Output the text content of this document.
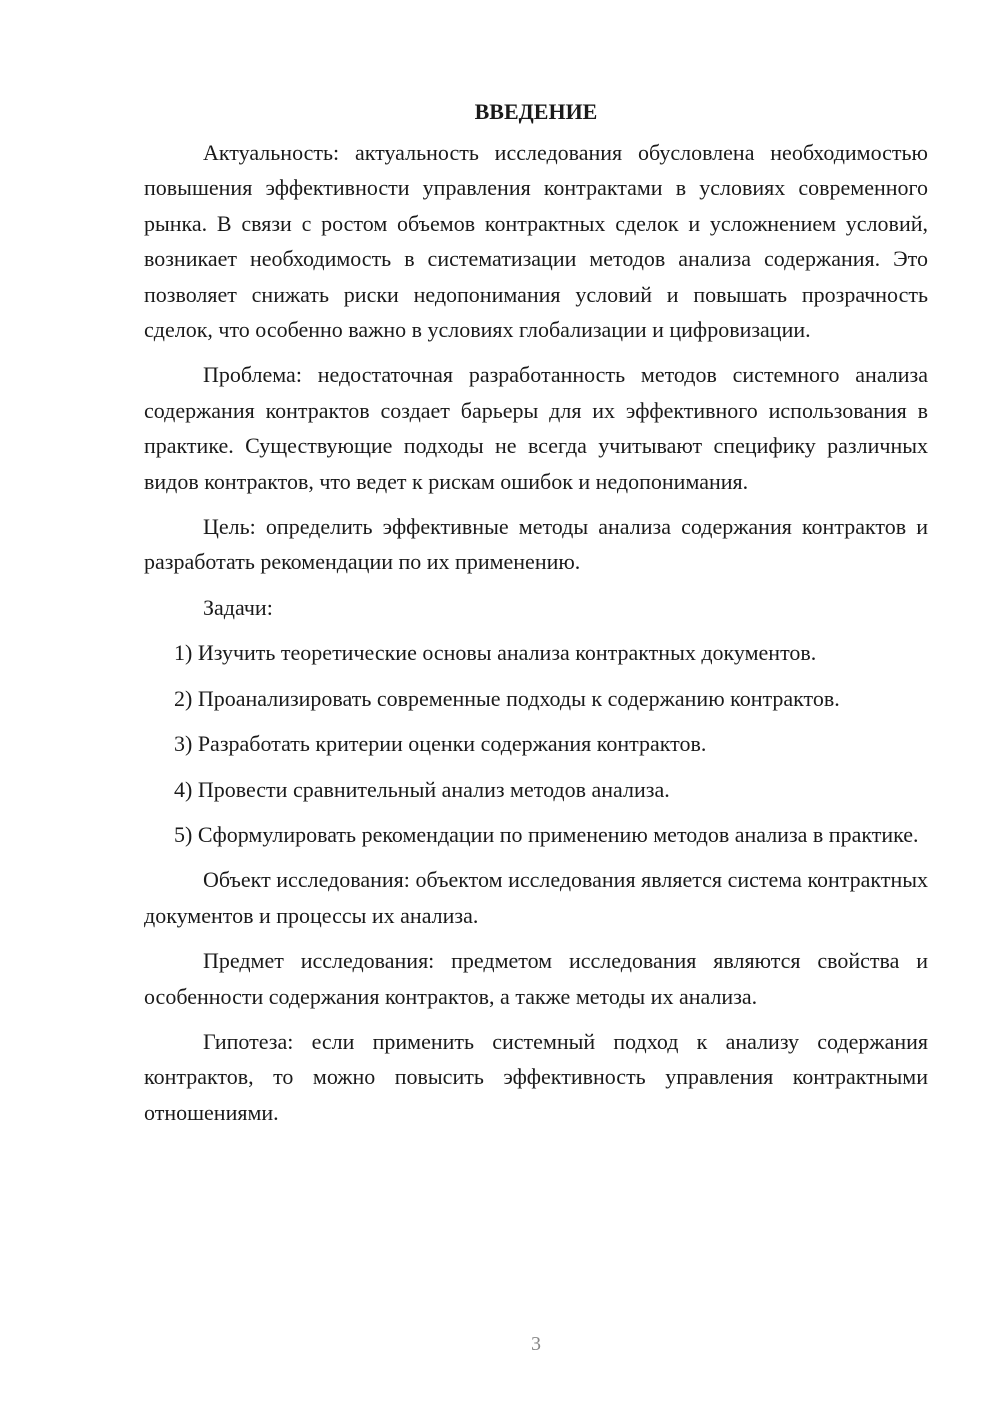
ВВЕДЕНИЕ

Актуальность: актуальность исследования обусловлена необходимостью повышения эффективности управления контрактами в условиях современного рынка. В связи с ростом объемов контрактных сделок и усложнением условий, возникает необходимость в систематизации методов анализа содержания. Это позволяет снижать риски недопонимания условий и повышать прозрачность сделок, что особенно важно в условиях глобализации и цифровизации.

Проблема: недостаточная разработанность методов системного анализа содержания контрактов создает барьеры для их эффективного использования в практике. Существующие подходы не всегда учитывают специфику различных видов контрактов, что ведет к рискам ошибок и недопонимания.

Цель: определить эффективные методы анализа содержания контрактов и разработать рекомендации по их применению.

Задачи:

1) Изучить теоретические основы анализа контрактных документов.

2) Проанализировать современные подходы к содержанию контрактов.

3) Разработать критерии оценки содержания контрактов.

4) Провести сравнительный анализ методов анализа.

5) Сформулировать рекомендации по применению методов анализа в практике.

Объект исследования: объектом исследования является система контрактных документов и процессы их анализа.

Предмет исследования: предметом исследования являются свойства и особенности содержания контрактов, а также методы их анализа.

Гипотеза: если применить системный подход к анализу содержания контрактов, то можно повысить эффективность управления контрактными отношениями.

3
